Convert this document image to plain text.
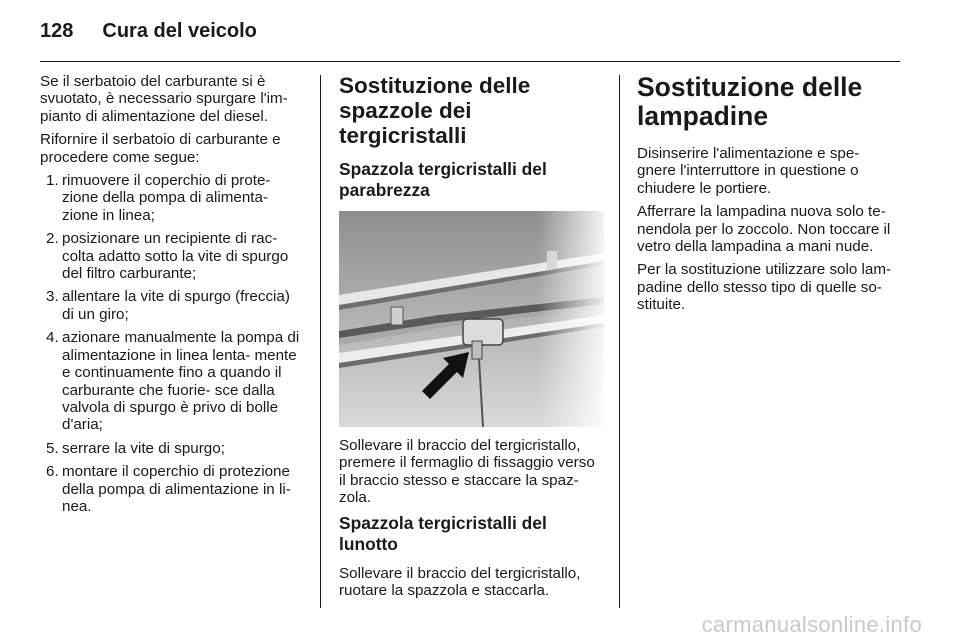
128 Cura del veicolo

Se il serbatoio del carburante si è svuotato, è necessario spurgare l'im- pianto di alimentazione del diesel.

Rifornire il serbatoio di carburante e procedere come segue:

1. rimuovere il coperchio di prote- zione della pompa di alimenta- zione in linea;
2. posizionare un recipiente di rac- colta adatto sotto la vite di spurgo del filtro carburante;
3. allentare la vite di spurgo (freccia) di un giro;
4. azionare manualmente la pompa di alimentazione in linea lenta- mente e continuamente fino a quando il carburante che fuorie- sce dalla valvola di spurgo è privo di bolle d'aria;
5. serrare la vite di spurgo;
6. montare il coperchio di protezione della pompa di alimentazione in li- nea.
Sostituzione delle spazzole dei tergicristalli
Spazzola tergicristalli del parabrezza

Sollevare il braccio del tergicristallo, premere il fermaglio di fissaggio verso il braccio stesso e staccare la spaz- zola.

Spazzola tergicristalli del lunotto

Sollevare il braccio del tergicristallo, ruotare la spazzola e staccarla.

Sostituzione delle lampadine

Disinserire l'alimentazione e spe- gnere l'interruttore in questione o chiudere le portiere.

Afferrare la lampadina nuova solo te- nendola per lo zoccolo. Non toccare il vetro della lampadina a mani nude.

Per la sostituzione utilizzare solo lam- padine dello stesso tipo di quelle so- stituite.

carmanualsonline.info
